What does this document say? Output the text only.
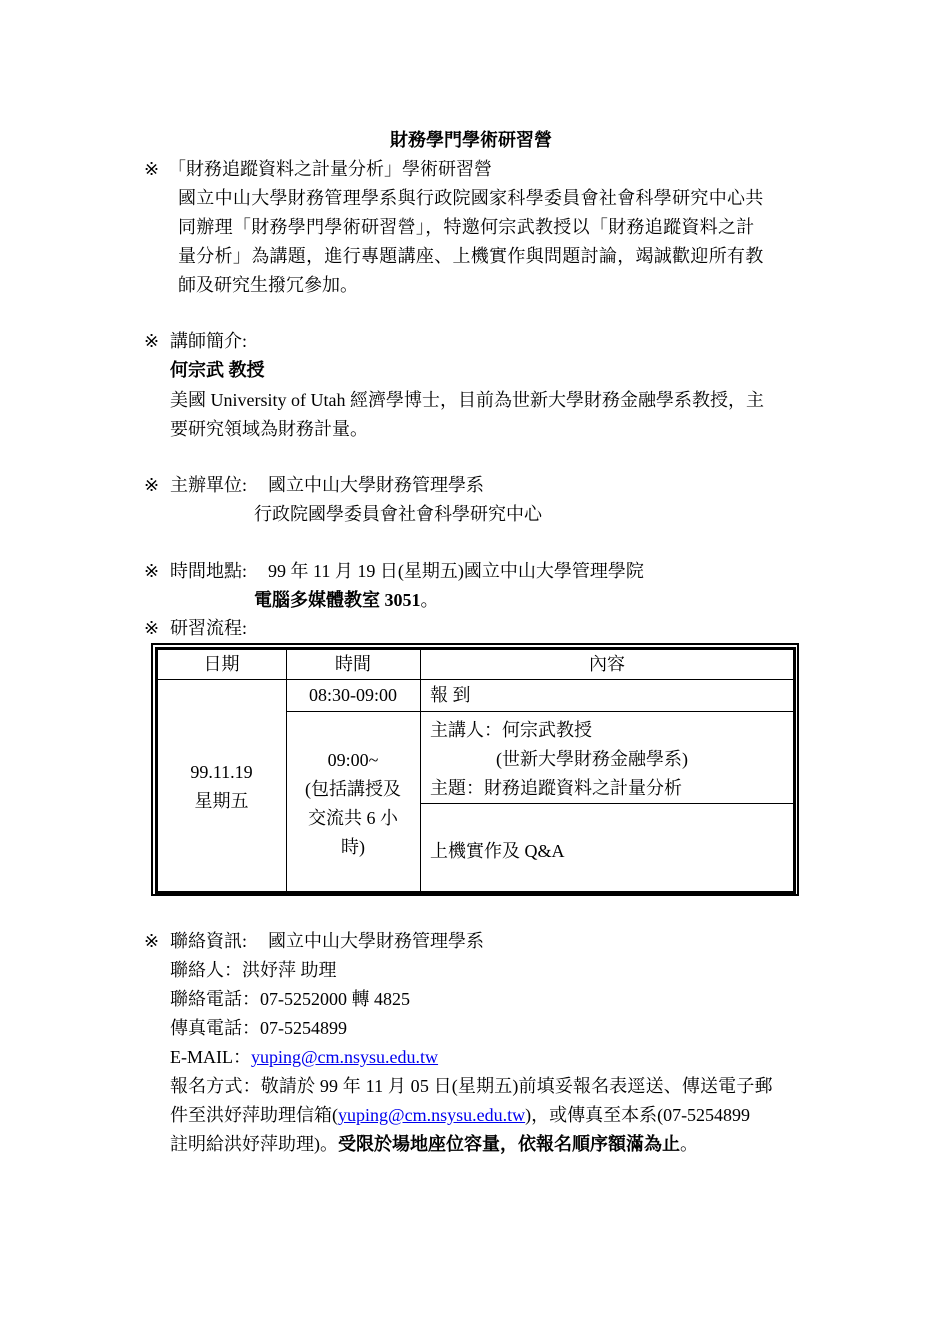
財務學門學術研習營
※ 「財務追蹤資料之計量分析」學術研習營
國立中山大學財務管理學系與行政院國家科學委員會社會科學研究中心共
同辦理「財務學門學術研習營」，特邀何宗武教授以「財務追蹤資料之計
量分析」為講題，進行專題講座、上機實作與問題討論，竭誠歡迎所有教
師及研究生撥冗參加。
※ 講師簡介:
何宗武 教授
美國 University of Utah 經濟學博士，目前為世新大學財務金融學系教授，主
要研究領域為財務計量。
※ 主辦單位: 國立中山大學財務管理學系
行政院國學委員會社會科學研究中心
※ 時間地點: 99 年 11 月 19 日(星期五)國立中山大學管理學院
電腦多媒體教室 3051。
※ 研習流程:
日期	時間	內容
99.11.19
星期五
08:30-09:00
09:00~
(包括講授及
交流共 6 小
時)
報 到
主講人：何宗武教授
(世新大學財務金融學系)
主題：財務追蹤資料之計量分析
上機實作及 Q&A
※ 聯絡資訊: 國立中山大學財務管理學系
聯絡人：洪妤萍 助理
聯絡電話：07-5252000 轉 4825
傳真電話：07-5254899
E-MAIL：yuping@cm.nsysu.edu.tw
報名方式：敬請於 99 年 11 月 05 日(星期五)前填妥報名表逕送、傳送電子郵
件至洪妤萍助理信箱(yuping@cm.nsysu.edu.tw)，或傳真至本系(07-5254899
註明給洪妤萍助理)。受限於場地座位容量，依報名順序額滿為止。
